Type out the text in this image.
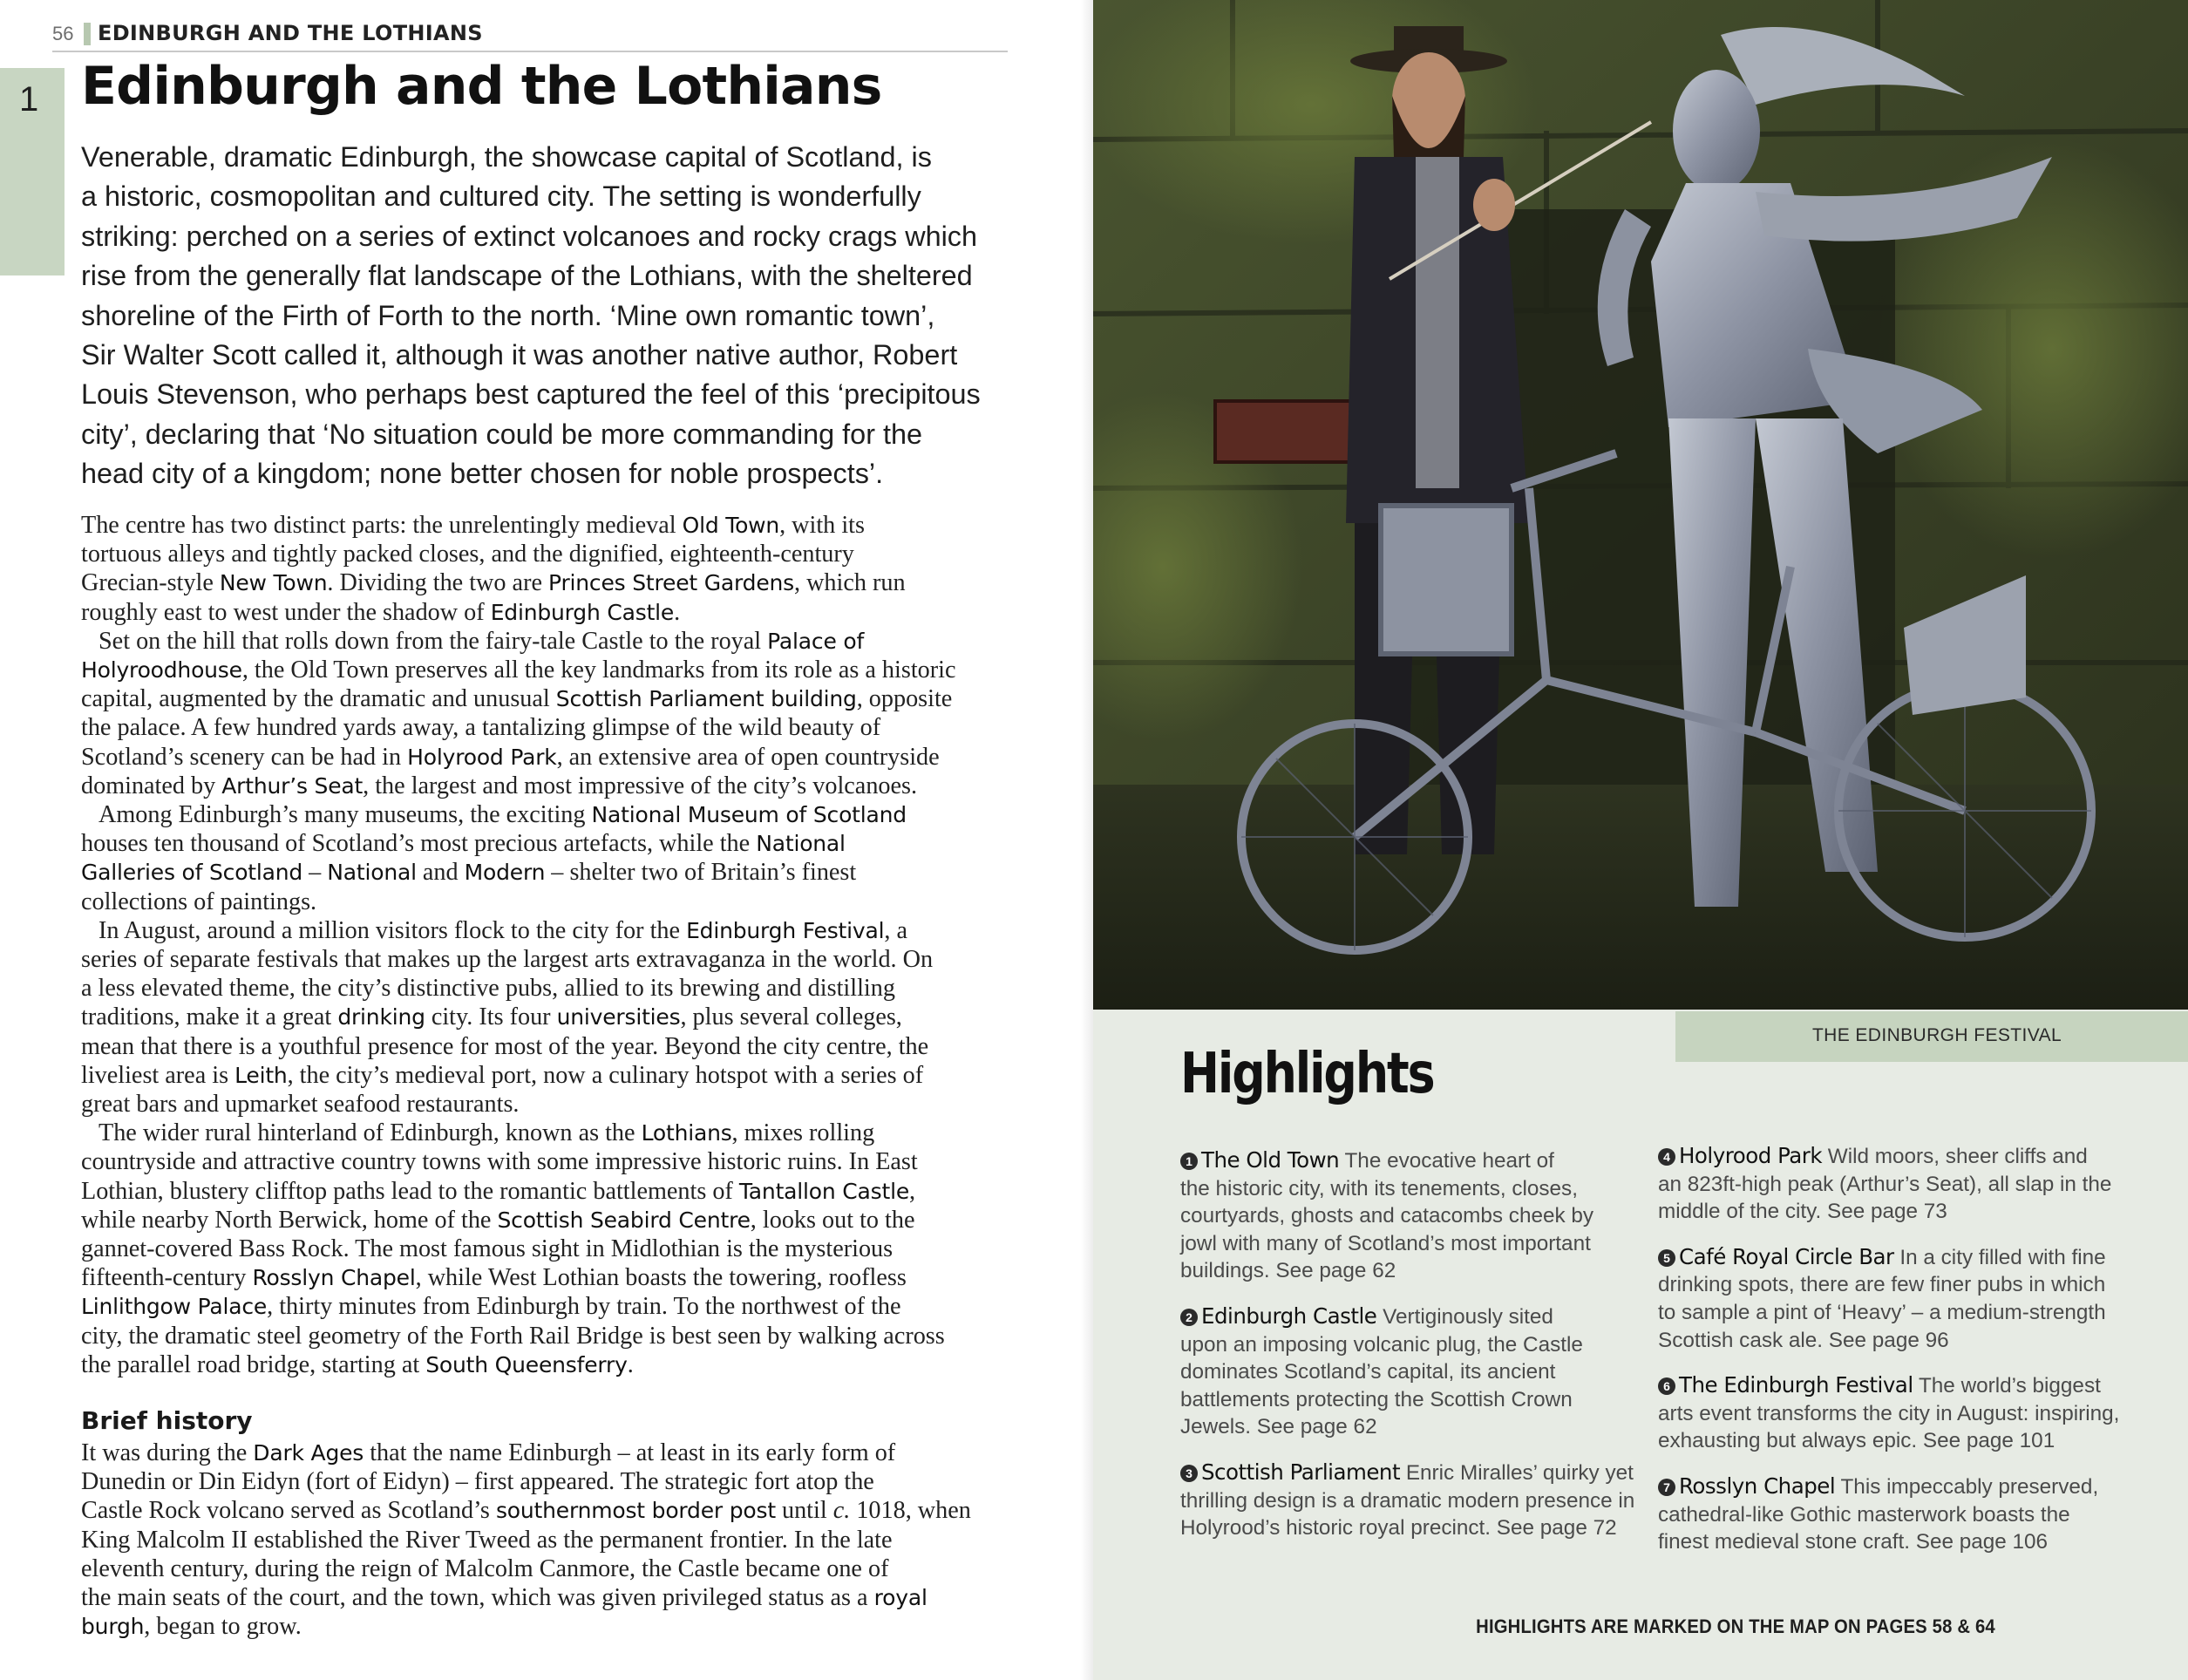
56 EDINBURGH AND THE LOTHIANS
1 Edinburgh and the Lothians
Venerable, dramatic Edinburgh, the showcase capital of Scotland, is
a historic, cosmopolitan and cultured city. The setting is wonderfully
striking: perched on a series of extinct volcanoes and rocky crags which
rise from the generally flat landscape of the Lothians, with the sheltered
shoreline of the Firth of Forth to the north. ‘Mine own romantic town’,
Sir Walter Scott called it, although it was another native author, Robert
Louis Stevenson, who perhaps best captured the feel of this ‘precipitous
city’, declaring that ‘No situation could be more commanding for the
head city of a kingdom; none better chosen for noble prospects’.
The centre has two distinct parts: the unrelentingly medieval Old Town, with its
tortuous alleys and tightly packed closes, and the dignified, eighteenth-century
Grecian-style New Town. Dividing the two are Princes Street Gardens, which run
roughly east to west under the shadow of Edinburgh Castle.
Set on the hill that rolls down from the fairy-tale Castle to the royal Palace of
Holyroodhouse, the Old Town preserves all the key landmarks from its role as a historic
capital, augmented by the dramatic and unusual Scottish Parliament building, opposite
the palace. A few hundred yards away, a tantalizing glimpse of the wild beauty of
Scotland’s scenery can be had in Holyrood Park, an extensive area of open countryside
dominated by Arthur’s Seat, the largest and most impressive of the city’s volcanoes.
Among Edinburgh’s many museums, the exciting National Museum of Scotland
houses ten thousand of Scotland’s most precious artefacts, while the National
Galleries of Scotland – National and Modern – shelter two of Britain’s finest
collections of paintings.
In August, around a million visitors flock to the city for the Edinburgh Festival, a
series of separate festivals that makes up the largest arts extravaganza in the world. On
a less elevated theme, the city’s distinctive pubs, allied to its brewing and distilling
traditions, make it a great drinking city. Its four universities, plus several colleges,
mean that there is a youthful presence for most of the year. Beyond the city centre, the
liveliest area is Leith, the city’s medieval port, now a culinary hotspot with a series of
great bars and upmarket seafood restaurants.
The wider rural hinterland of Edinburgh, known as the Lothians, mixes rolling
countryside and attractive country towns with some impressive historic ruins. In East
Lothian, blustery clifftop paths lead to the romantic battlements of Tantallon Castle,
while nearby North Berwick, home of the Scottish Seabird Centre, looks out to the
gannet-covered Bass Rock. The most famous sight in Midlothian is the mysterious
fifteenth-century Rosslyn Chapel, while West Lothian boasts the towering, roofless
Linlithgow Palace, thirty minutes from Edinburgh by train. To the northwest of the
city, the dramatic steel geometry of the Forth Rail Bridge is best seen by walking across
the parallel road bridge, starting at South Queensferry.
Brief history
It was during the Dark Ages that the name Edinburgh – at least in its early form of
Dunedin or Din Eidyn (fort of Eidyn) – first appeared. The strategic fort atop the
Castle Rock volcano served as Scotland’s southernmost border post until c. 1018, when
King Malcolm II established the River Tweed as the permanent frontier. In the late
eleventh century, during the reign of Malcolm Canmore, the Castle became one of
the main seats of the court, and the town, which was given privileged status as a royal
burgh, began to grow.
THE EDINBURGH FESTIVAL
Highlights
1 The Old Town The evocative heart of
the historic city, with its tenements, closes,
courtyards, ghosts and catacombs cheek by
jowl with many of Scotland’s most important
buildings. See page 62
2 Edinburgh Castle Vertiginously sited
upon an imposing volcanic plug, the Castle
dominates Scotland’s capital, its ancient
battlements protecting the Scottish Crown
Jewels. See page 62
3 Scottish Parliament Enric Miralles’ quirky yet
thrilling design is a dramatic modern presence in
Holyrood’s historic royal precinct. See page 72
4 Holyrood Park Wild moors, sheer cliffs and
an 823ft-high peak (Arthur’s Seat), all slap in the
middle of the city. See page 73
5 Café Royal Circle Bar In a city filled with fine
drinking spots, there are few finer pubs in which
to sample a pint of ‘Heavy’ – a medium-strength
Scottish cask ale. See page 96
6 The Edinburgh Festival The world’s biggest
arts event transforms the city in August: inspiring,
exhausting but always epic. See page 101
7 Rosslyn Chapel This impeccably preserved,
cathedral-like Gothic masterwork boasts the
finest medieval stone craft. See page 106
HIGHLIGHTS ARE MARKED ON THE MAP ON PAGES 58 & 64
